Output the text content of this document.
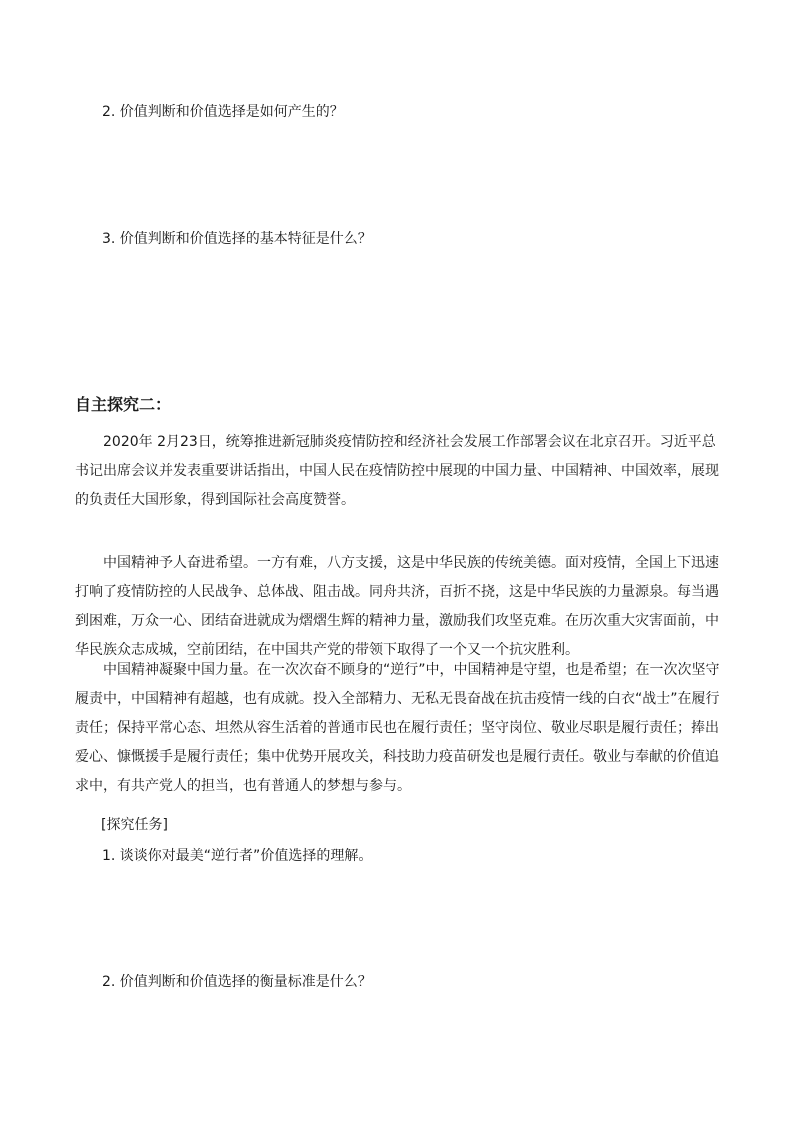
2. 价值判断和价值选择是如何产生的？
3. 价值判断和价值选择的基本特征是什么？
自主探究二：
2020年 2月23日，统筹推进新冠肺炎疫情防控和经济社会发展工作部署会议在北京召开。习近平总书记出席会议并发表重要讲话指出，中国人民在疫情防控中展现的中国力量、中国精神、中国效率，展现的负责任大国形象，得到国际社会高度赞誉。
中国精神予人奋进希望。一方有难，八方支援，这是中华民族的传统美德。面对疫情，全国上下迅速打响了疫情防控的人民战争、总体战、阻击战。同舟共济，百折不挠，这是中华民族的力量源泉。每当遇到困难，万众一心、团结奋进就成为熠熠生辉的精神力量，激励我们攻坚克难。在历次重大灾害面前，中华民族众志成城，空前团结，在中国共产党的带领下取得了一个又一个抗灾胜利。
中国精神凝聚中国力量。在一次次奋不顾身的“逆行”中，中国精神是守望，也是希望；在一次次坚守履责中，中国精神有超越，也有成就。投入全部精力、无私无畏奋战在抗击疫情一线的白衣“战士”在履行责任；保持平常心态、坦然从容生活着的普通市民也在履行责任；坚守岗位、敬业尽职是履行责任；捧出爱心、慷慨援手是履行责任；集中优势开展攻关，科技助力疫苗研发也是履行责任。敬业与奉献的价值追求中，有共产党人的担当，也有普通人的梦想与参与。
[探究任务]
1. 谈谈你对最美“逆行者”价值选择的理解。
2. 价值判断和价值选择的衡量标准是什么？
